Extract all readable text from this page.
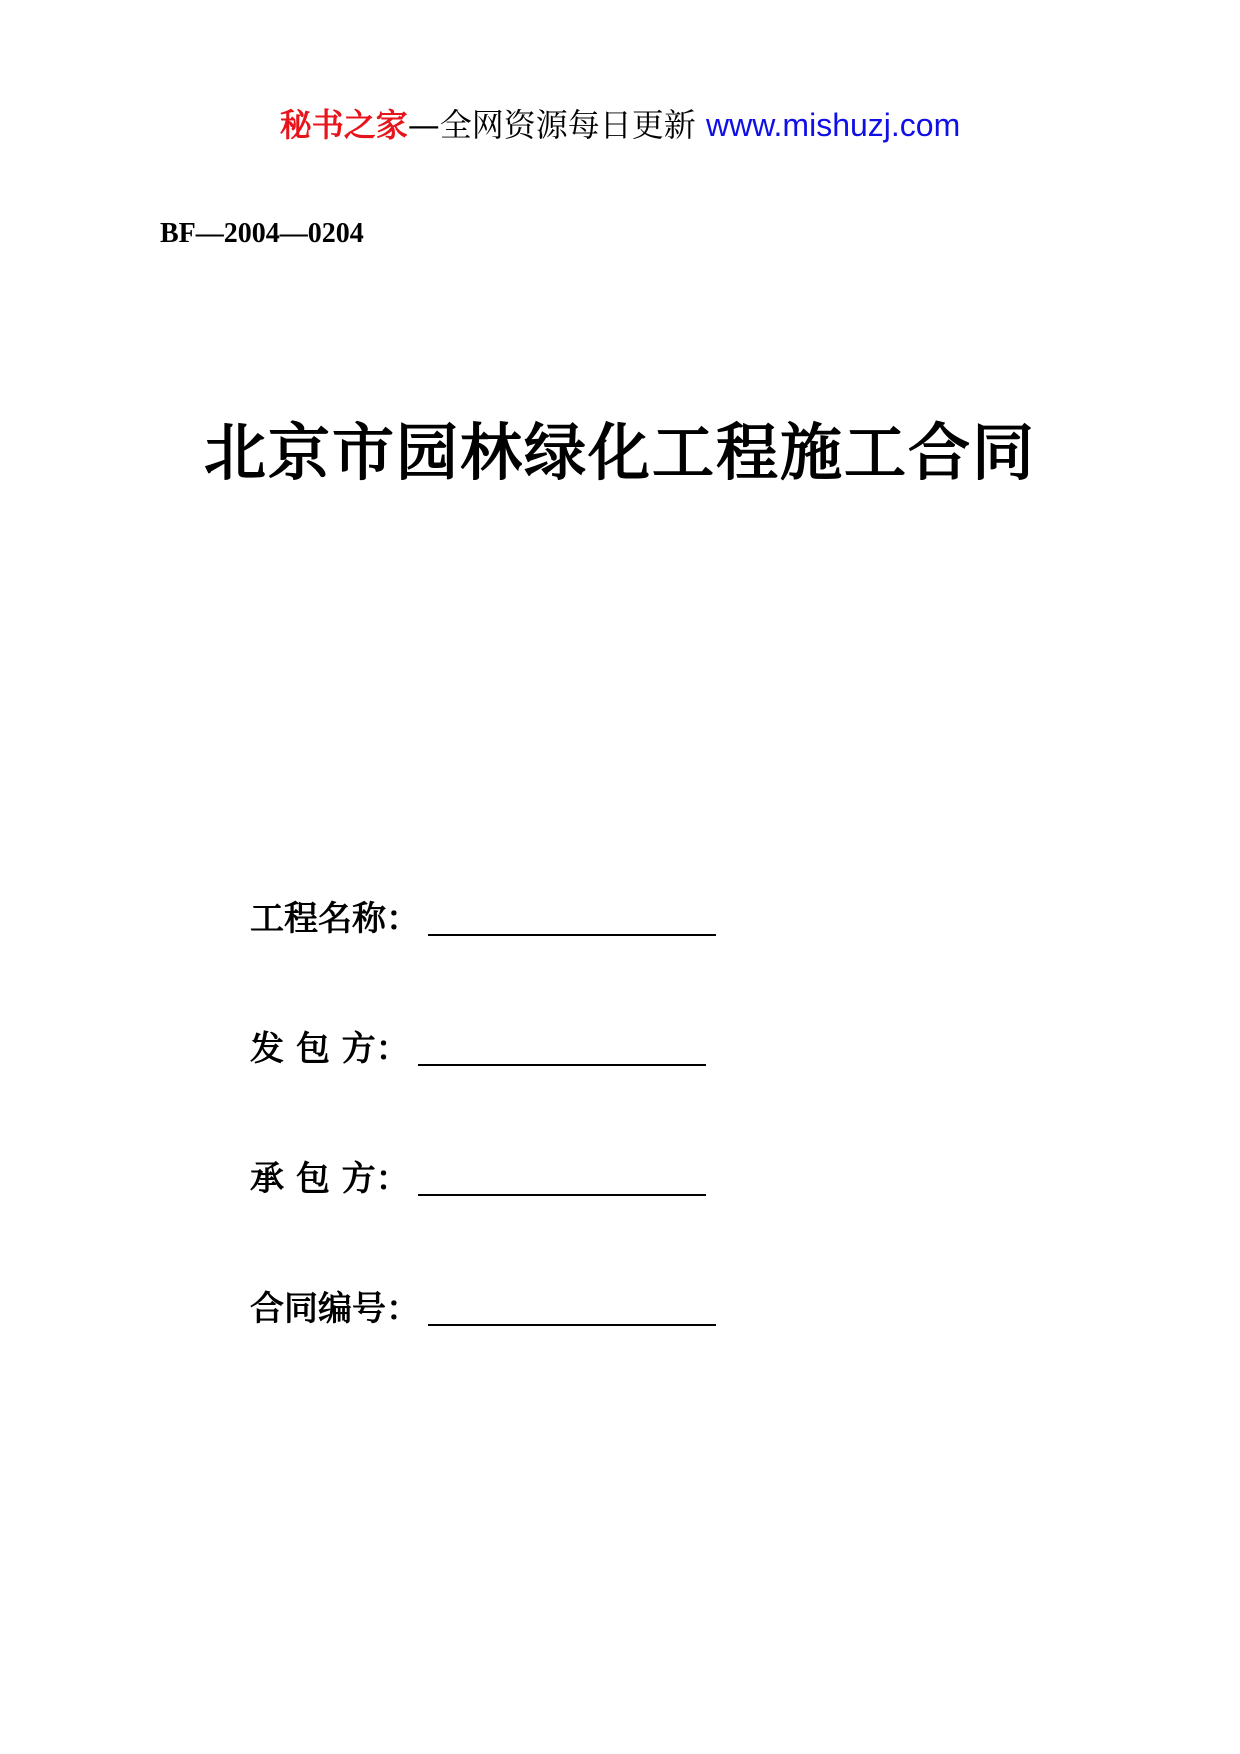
秘书之家—全网资源每日更新 www.mishuzj.com
BF—2004—0204
北京市园林绿化工程施工合同
工程名称：
发 包 方：
承 包 方：
合同编号：
